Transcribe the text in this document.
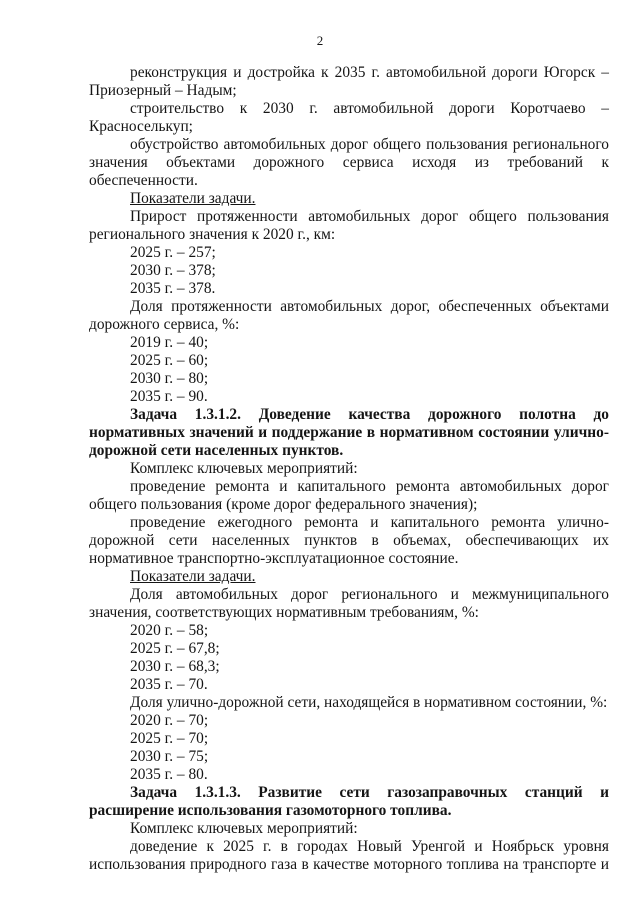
2

реконструкция и достройка к 2035 г. автомобильной дороги Югорск – Приозерный – Надым;

строительство к 2030 г. автомобильной дороги Коротчаево – Красноселькуп;

обустройство автомобильных дорог общего пользования регионального значения объектами дорожного сервиса исходя из требований к обеспеченности.

Показатели задачи.

Прирост протяженности автомобильных дорог общего пользования регионального значения к 2020 г., км:

2025 г. – 257;

2030 г. – 378;

2035 г. – 378.

Доля протяженности автомобильных дорог, обеспеченных объектами дорожного сервиса, %:

2019 г. – 40;

2025 г. – 60;

2030 г. – 80;

2035 г. – 90.

Задача 1.3.1.2. Доведение качества дорожного полотна до нормативных значений и поддержание в нормативном состоянии улично-дорожной сети населенных пунктов.

Комплекс ключевых мероприятий:

проведение ремонта и капитального ремонта автомобильных дорог общего пользования (кроме дорог федерального значения);

проведение ежегодного ремонта и капитального ремонта улично-дорожной сети населенных пунктов в объемах, обеспечивающих их нормативное транспортно-эксплуатационное состояние.

Показатели задачи.

Доля автомобильных дорог регионального и межмуниципального значения, соответствующих нормативным требованиям, %:

2020 г. – 58;

2025 г. – 67,8;

2030 г. – 68,3;

2035 г. – 70.

Доля улично-дорожной сети, находящейся в нормативном состоянии, %:

2020 г. – 70;

2025 г. – 70;

2030 г. – 75;

2035 г. – 80.

Задача 1.3.1.3. Развитие сети газозаправочных станций и расширение использования газомоторного топлива.

Комплекс ключевых мероприятий:

доведение к 2025 г. в городах Новый Уренгой и Ноябрьск уровня использования природного газа в качестве моторного топлива на транспорте и
